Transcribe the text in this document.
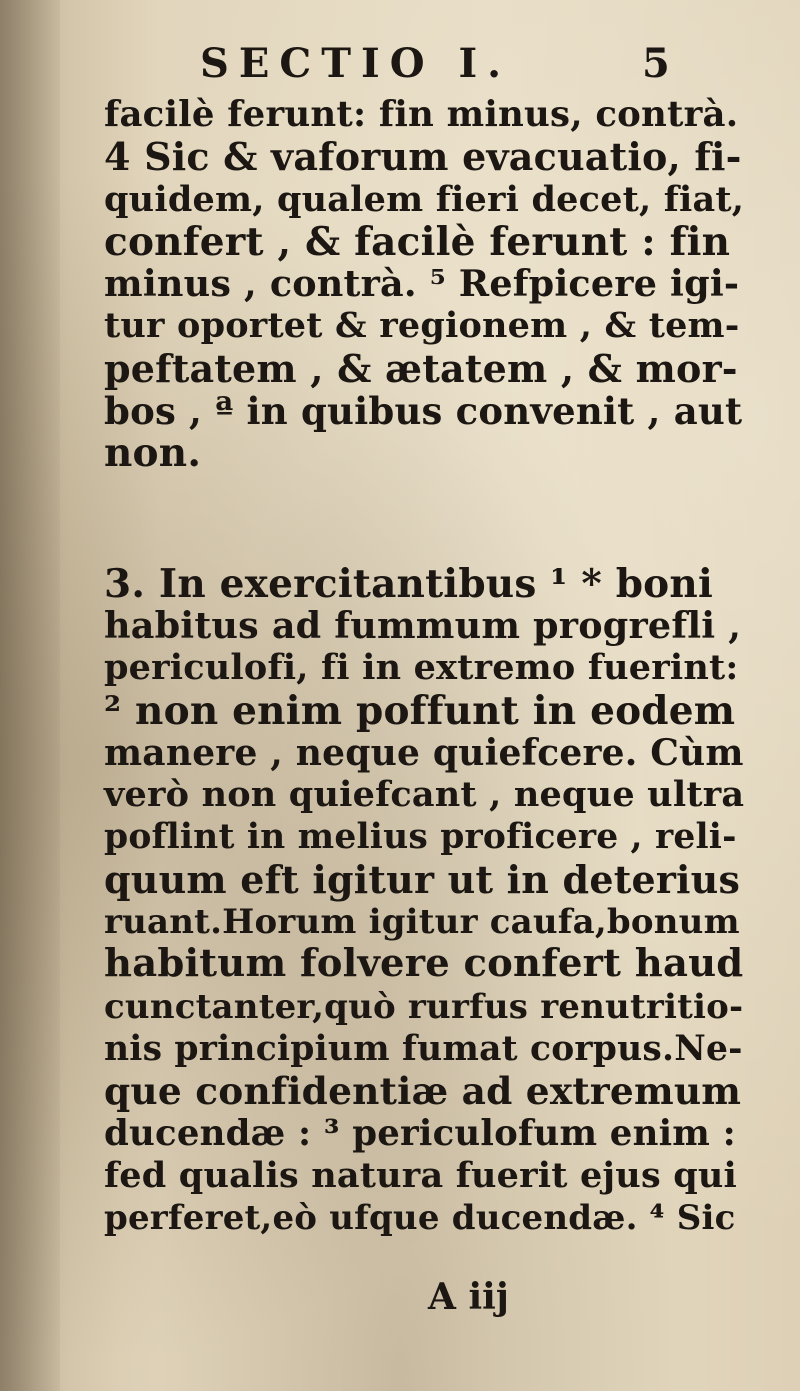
SECTIO I.	5
facilè ferunt: fin minus, contrà.
4 Sic & vaforum evacuatio, fi-
quidem, qualem fieri decet, fiat,
confert , & facilè ferunt : fin
minus , contrà. ⁵ Refpicere igi-
tur oportet & regionem , & tem-
peftatem , & ætatem , & mor-
bos , ª in quibus convenit , aut
non.
3. In exercitantibus ¹ * boni
habitus ad fummum progrefli ,
periculofi, fi in extremo fuerint:
² non enim poffunt in eodem
manere , neque quiefcere. Cùm
verò non quiefcant , neque ultra
poflint in melius proficere , reli-
quum eft igitur ut in deterius
ruant.Horum igitur caufa,bonum
habitum folvere confert haud
cunctanter,quò rurfus renutritio-
nis principium fumat corpus.Ne-
que confidentiæ ad extremum
ducendæ : ³ periculofum enim :
fed qualis natura fuerit ejus qui
perferet,eò ufque ducendæ. ⁴ Sic
A iij
